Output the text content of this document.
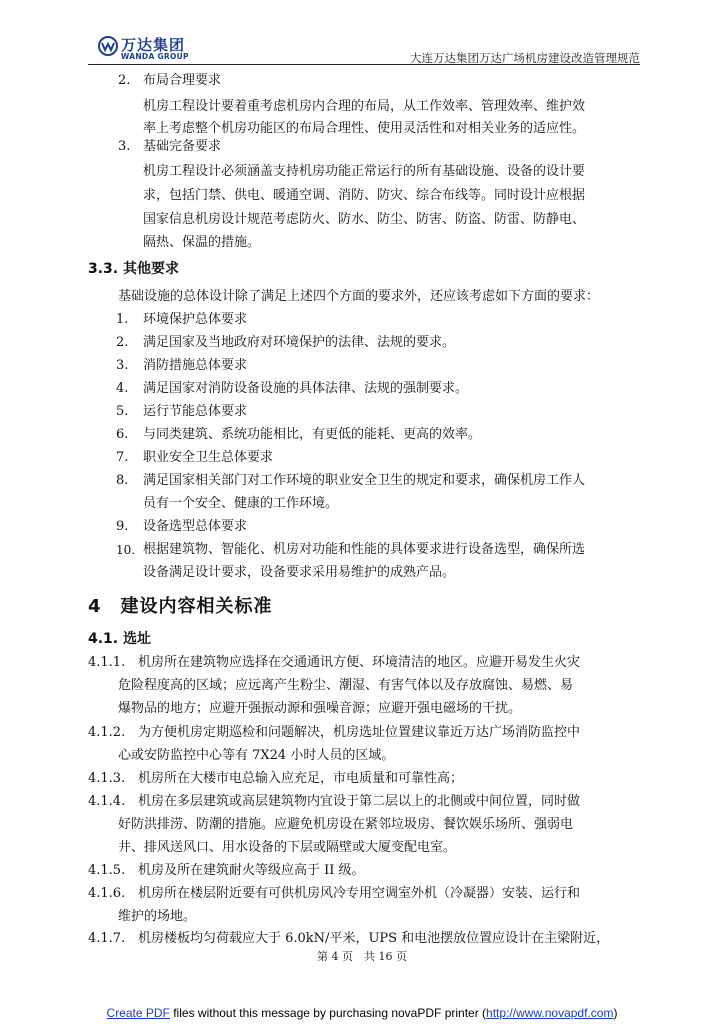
万达集团
WANDA GROUP	大连万达集团万达广场机房建设改造管理规范
2. 布局合理要求
机房工程设计要着重考虑机房内合理的布局，从工作效率、管理效率、维护效
率上考虑整个机房功能区的布局合理性、使用灵活性和对相关业务的适应性。
3. 基础完备要求
机房工程设计必须涵盖支持机房功能正常运行的所有基础设施、设备的设计要
求，包括门禁、供电、暖通空调、消防、防灾、综合布线等。同时设计应根据
国家信息机房设计规范考虑防火、防水、防尘、防害、防盗、防雷、防静电、
隔热、保温的措施。
3.3. 其他要求
基础设施的总体设计除了满足上述四个方面的要求外，还应该考虑如下方面的要求：
1. 环境保护总体要求
2. 满足国家及当地政府对环境保护的法律、法规的要求。
3. 消防措施总体要求
4. 满足国家对消防设备设施的具体法律、法规的强制要求。
5. 运行节能总体要求
6. 与同类建筑、系统功能相比，有更低的能耗、更高的效率。
7. 职业安全卫生总体要求
8. 满足国家相关部门对工作环境的职业安全卫生的规定和要求，确保机房工作人
员有一个安全、健康的工作环境。
9. 设备选型总体要求
10. 根据建筑物、智能化、机房对功能和性能的具体要求进行设备选型，确保所选
设备满足设计要求，设备要求采用易维护的成熟产品。
4　建设内容相关标准
4.1. 选址
4.1.1. 机房所在建筑物应选择在交通通讯方便、环境清洁的地区。应避开易发生火灾
危险程度高的区域；应远离产生粉尘、潮湿、有害气体以及存放腐蚀、易燃、易
爆物品的地方；应避开强振动源和强噪音源；应避开强电磁场的干扰。
4.1.2. 为方便机房定期巡检和问题解决，机房选址位置建议靠近万达广场消防监控中
心或安防监控中心等有 7X24 小时人员的区域。
4.1.3. 机房所在大楼市电总输入应充足，市电质量和可靠性高；
4.1.4. 机房在多层建筑或高层建筑物内宜设于第二层以上的北侧或中间位置，同时做
好防洪排涝、防潮的措施。应避免机房设在紧邻垃圾房、餐饮娱乐场所、强弱电
井、排风送风口、用水设备的下层或隔壁或大厦变配电室。
4.1.5. 机房及所在建筑耐火等级应高于 II 级。
4.1.6. 机房所在楼层附近要有可供机房风冷专用空调室外机（冷凝器）安装、运行和
维护的场地。
4.1.7. 机房楼板均匀荷载应大于 6.0kN/平米，UPS 和电池摆放位置应设计在主梁附近，
第 4 页　共 16 页
Create PDF files without this message by purchasing novaPDF printer (http://www.novapdf.com)
